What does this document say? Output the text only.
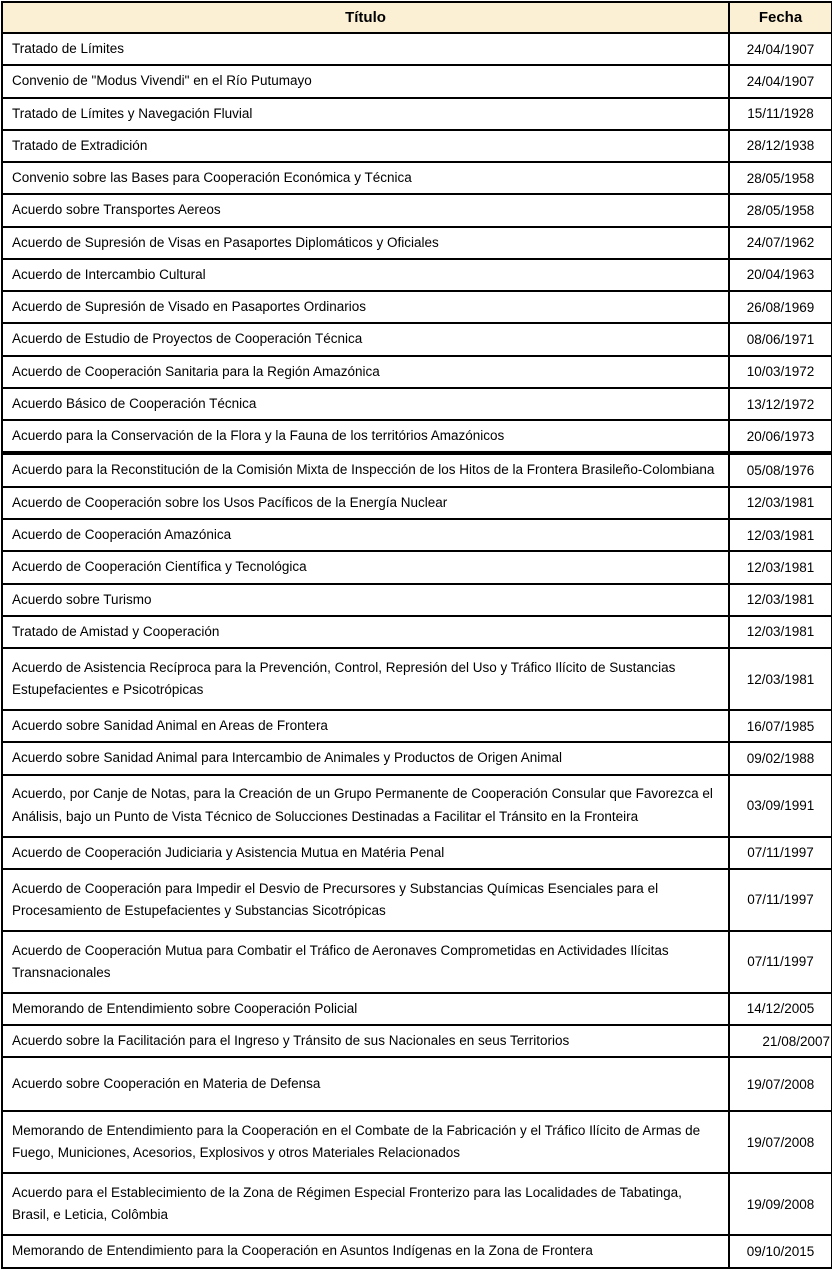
Título	Fecha
Tratado de Límites	24/04/1907
Convenio de "Modus Vivendi" en el Río Putumayo	24/04/1907
Tratado de Límites y Navegación Fluvial	15/11/1928
Tratado de Extradición	28/12/1938
Convenio sobre las Bases para Cooperación Económica y Técnica	28/05/1958
Acuerdo sobre Transportes Aereos	28/05/1958
Acuerdo de Supresión de Visas en Pasaportes Diplomáticos y Oficiales	24/07/1962
Acuerdo de Intercambio Cultural	20/04/1963
Acuerdo de Supresión de Visado en Pasaportes Ordinarios	26/08/1969
Acuerdo de Estudio de Proyectos de Cooperación Técnica	08/06/1971
Acuerdo de Cooperación Sanitaria para la Región Amazónica	10/03/1972
Acuerdo Básico de Cooperación Técnica	13/12/1972
Acuerdo para la Conservación de la Flora y la Fauna de los territórios Amazónicos	20/06/1973
Acuerdo para la Reconstitución de la Comisión Mixta de Inspección de los Hitos de la Frontera Brasileño-Colombiana	05/08/1976
Acuerdo de Cooperación sobre los Usos Pacíficos de la Energía Nuclear	12/03/1981
Acuerdo de Cooperación Amazónica	12/03/1981
Acuerdo de Cooperación Científica y Tecnológica	12/03/1981
Acuerdo sobre Turismo	12/03/1981
Tratado de Amistad y Cooperación	12/03/1981
Acuerdo de Asistencia Recíproca para la Prevención, Control, Represión del Uso y Tráfico Ilícito de Sustancias Estupefacientes e Psicotrópicas	12/03/1981
Acuerdo sobre Sanidad Animal en Areas de Frontera	16/07/1985
Acuerdo sobre Sanidad Animal para Intercambio de Animales y Productos de Origen Animal	09/02/1988
Acuerdo, por Canje de Notas, para la Creación de un Grupo Permanente de Cooperación Consular que Favorezca el Análisis, bajo un Punto de Vista Técnico de Solucciones Destinadas a Facilitar el Tránsito en la Fronteira	03/09/1991
Acuerdo de Cooperación Judiciaria y Asistencia Mutua en Matéria Penal	07/11/1997
Acuerdo de Cooperación para Impedir el Desvio de Precursores y Substancias Químicas Esenciales para el Procesamiento de Estupefacientes y Substancias Sicotrópicas	07/11/1997
Acuerdo de Cooperación Mutua para Combatir el Tráfico de Aeronaves Comprometidas en Actividades Ilícitas Transnacionales	07/11/1997
Memorando de Entendimiento sobre Cooperación Policial	14/12/2005
Acuerdo sobre la Facilitación para el Ingreso y Tránsito de sus Nacionales en seus Territorios	21/08/2007
Acuerdo sobre Cooperación en Materia de Defensa	19/07/2008
Memorando de Entendimiento para la Cooperación en el Combate de la Fabricación y el Tráfico Ilícito de Armas de Fuego, Municiones, Acesorios, Explosivos y otros Materiales Relacionados	19/07/2008
Acuerdo para el Establecimiento de la Zona de Régimen Especial Fronterizo para las Localidades de Tabatinga, Brasil, e Leticia, Colômbia	19/09/2008
Memorando de Entendimiento para la Cooperación en Asuntos Indígenas en la Zona de Frontera	09/10/2015
